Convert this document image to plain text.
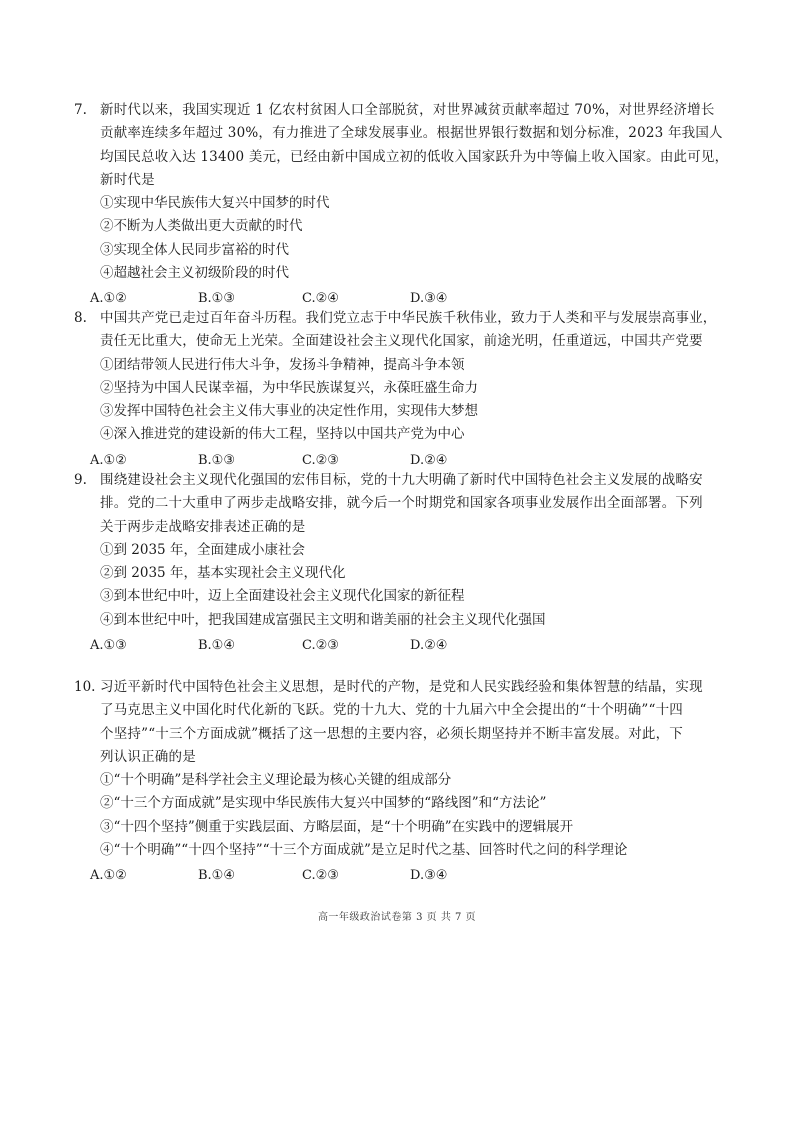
7. 新时代以来，我国实现近 1 亿农村贫困人口全部脱贫，对世界减贫贡献率超过 70%，对世界经济增长
贡献率连续多年超过 30%，有力推进了全球发展事业。根据世界银行数据和划分标准，2023 年我国人
均国民总收入达 13400 美元，已经由新中国成立初的低收入国家跃升为中等偏上收入国家。由此可见，
新时代是
①实现中华民族伟大复兴中国梦的时代
②不断为人类做出更大贡献的时代
③实现全体人民同步富裕的时代
④超越社会主义初级阶段的时代
A.①②	B.①③	C.②④	D.③④
8. 中国共产党已走过百年奋斗历程。我们党立志于中华民族千秋伟业，致力于人类和平与发展崇高事业，
责任无比重大，使命无上光荣。全面建设社会主义现代化国家，前途光明，任重道远，中国共产党要
①团结带领人民进行伟大斗争，发扬斗争精神，提高斗争本领
②坚持为中国人民谋幸福，为中华民族谋复兴，永葆旺盛生命力
③发挥中国特色社会主义伟大事业的决定性作用，实现伟大梦想
④深入推进党的建设新的伟大工程，坚持以中国共产党为中心
A.①②	B.①③	C.②③	D.②④
9. 围绕建设社会主义现代化强国的宏伟目标，党的十九大明确了新时代中国特色社会主义发展的战略安
排。党的二十大重申了两步走战略安排，就今后一个时期党和国家各项事业发展作出全面部署。下列
关于两步走战略安排表述正确的是
①到 2035 年，全面建成小康社会
②到 2035 年，基本实现社会主义现代化
③到本世纪中叶，迈上全面建设社会主义现代化国家的新征程
④到本世纪中叶，把我国建成富强民主文明和谐美丽的社会主义现代化强国
A.①③	B.①④	C.②③	D.②④
10. 习近平新时代中国特色社会主义思想，是时代的产物，是党和人民实践经验和集体智慧的结晶，实现
了马克思主义中国化时代化新的飞跃。党的十九大、党的十九届六中全会提出的“十个明确”“十四
个坚持”“十三个方面成就”概括了这一思想的主要内容，必须长期坚持并不断丰富发展。对此，下
列认识正确的是
①“十个明确”是科学社会主义理论最为核心关键的组成部分
②“十三个方面成就”是实现中华民族伟大复兴中国梦的“路线图”和“方法论”
③“十四个坚持”侧重于实践层面、方略层面，是“十个明确”在实践中的逻辑展开
④“十个明确”“十四个坚持”“十三个方面成就”是立足时代之基、回答时代之问的科学理论
A.①②	B.①④	C.②③	D.③④
高一年级政治试卷第 3 页 共 7 页
